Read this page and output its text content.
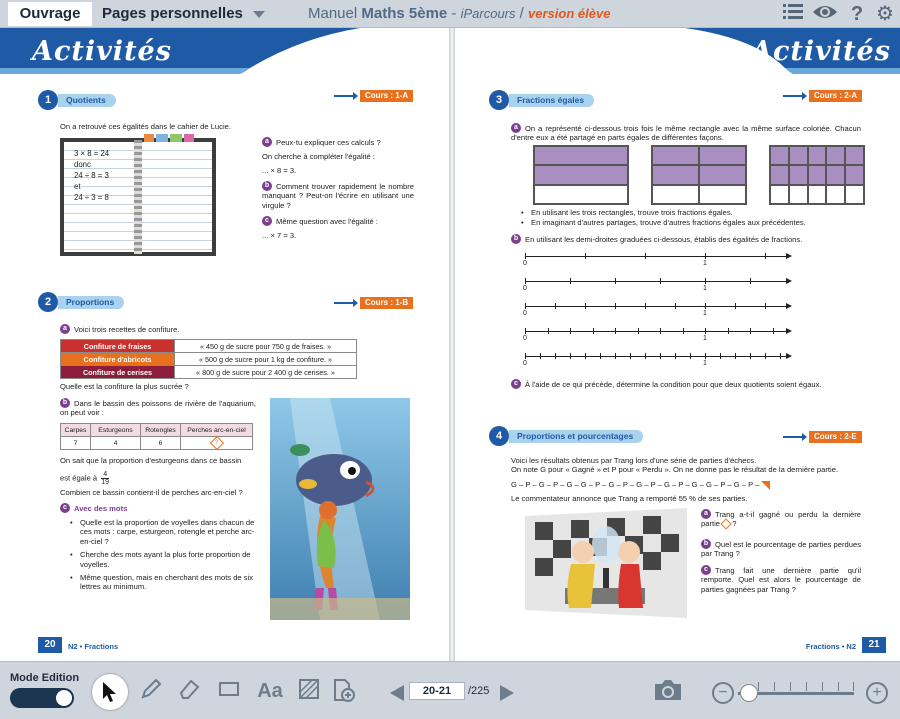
Ouvrage	Pages personnelles	Manuel Maths 5ème - iParcours / version élève	? ⚙
Activités
1	Quotients	Cours : 1-A
On a retrouvé ces égalités dans le cahier de Lucie.
3 × 8 = 24
donc
24 ÷ 8 = 3
et
24 ÷ 3 = 8
a Peux-tu expliquer ces calculs ?
On cherche à compléter l'égalité :
... × 8 = 3.
b Comment trouver rapidement le nombre manquant ? Peut-on l'écrire en utilisant une virgule ?
c Même question avec l'égalité :
... × 7 = 3.
2	Proportions	Cours : 1-B
a Voici trois recettes de confiture.
Confiture de fraises	« 450 g de sucre pour 750 g de fraises. »
Confiture d'abricots	« 500 g de sucre pour 1 kg de confiture. »
Confiture de cerises	« 800 g de sucre pour 2 400 g de cerises. »
Quelle est la confiture la plus sucrée ?
b Dans le bassin des poissons de rivière de l'aquarium, on peut voir :
Carpes	Esturgeons	Rotengles	Perches arc-en-ciel
7	4	6	?
On sait que la proportion d'esturgeons dans ce bassin
est égale à $\frac{4}{19}$
Combien ce bassin contient-il de perches arc-en-ciel ?
c Avec des mots
• Quelle est la proportion de voyelles dans chacun de ces mots : carpe, esturgeon, rotengle et perche arc-en-ciel ?
• Cherche des mots ayant la plus forte proportion de voyelles.
• Même question, mais en cherchant des mots de six lettres au minimum.
20	N2 • Fractions
Activités
3	Fractions égales	Cours : 2-A
a On a représenté ci-dessous trois fois le même rectangle avec la même surface coloriée. Chacun d'entre eux a été partagé en parts égales de différentes façons.
• En utilisant les trois rectangles, trouve trois fractions égales.
• En imaginant d'autres partages, trouve d'autres fractions égales aux précédentes.
b En utilisant les demi-droites graduées ci-dessous, établis des égalités de fractions.
0	1
0	1
0	1
0	1
0	1
c À l'aide de ce qui précède, détermine la condition pour que deux quotients soient égaux.
4	Proportions et pourcentages	Cours : 2-E
Voici les résultats obtenus par Trang lors d'une série de parties d'échecs.
On note G pour « Gagné » et P pour « Perdu ». On ne donne pas le résultat de la dernière partie.
G – P – G – P – G – G – P – G – P – G – P – G – P – G – G – P – G – P –
Le commentateur annonce que Trang a remporté 55 % de ses parties.
a Trang a-t-il gagné ou perdu la dernière partie  ?
b Quel est le pourcentage de parties perdues par Trang ?
c Trang fait une dernière partie qu'il remporte. Quel est alors le pourcentage de parties gagnées par Trang ?
21
Fractions • N2
Mode Edition
Aa	20-21	/225	−	+
